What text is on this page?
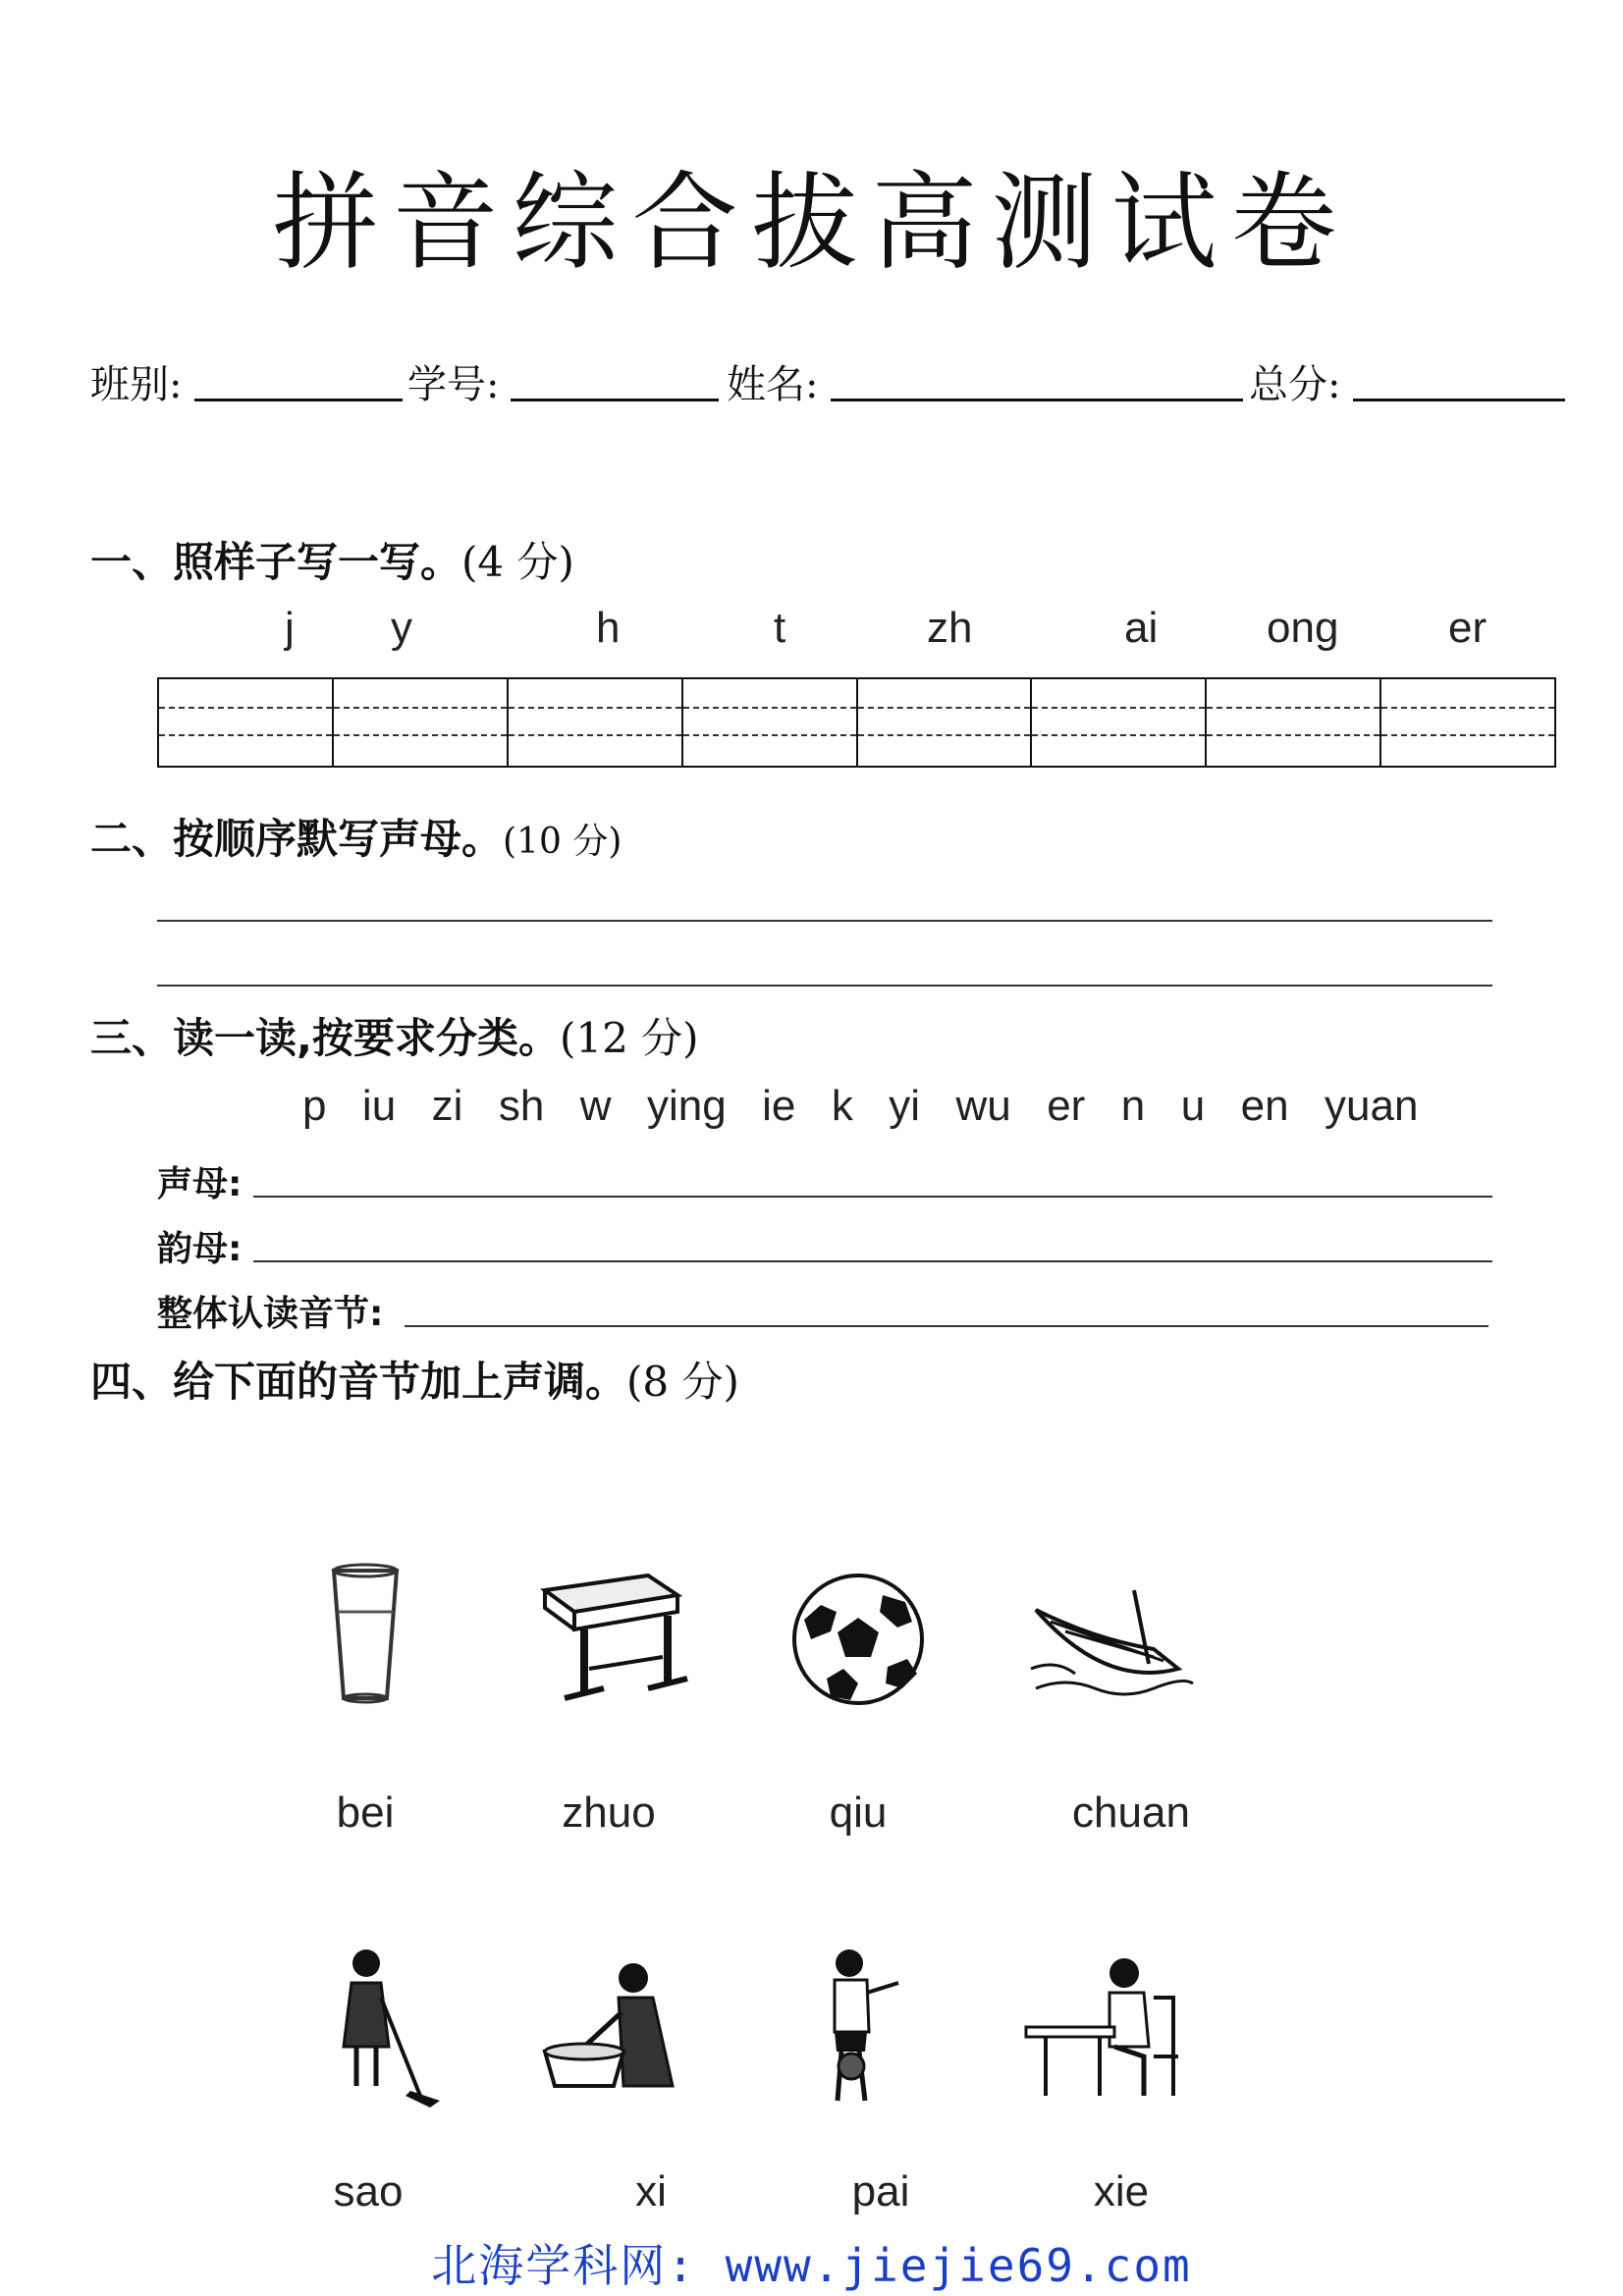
拼音综合拔高测试卷
班别:	学号:	姓名:	总分:
一、照样子写一写。(4 分)
j y	h	t	zh	ai	ong	er
二、按顺序默写声母。(10 分)
三、读一读,按要求分类。(12 分)
p  iu  zi  sh  w  ying  ie  k  yi  wu  er  n  u  en  yuan
声母:
韵母:
整体认读音节:
四、给下面的音节加上声调。(8 分)
bei	zhuo	qiu	chuan
sao	xi	pai	xie
北海学科网: www.jiejie69.com
